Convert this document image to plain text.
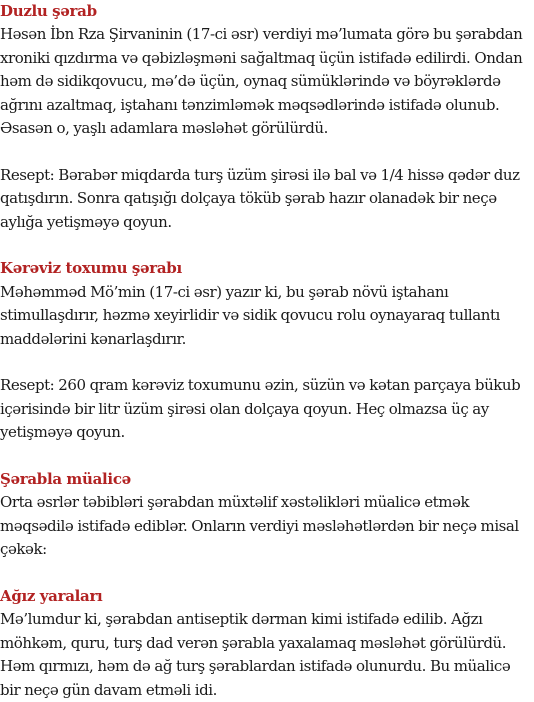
Duzlu şərab

Həsən İbn Rza Şirvaninin (17-ci əsr) verdiyi mə’lumata görə bu şərabdan
xroniki qızdırma və qəbizləşməni sağaltmaq üçün istifadə edilirdi. Ondan
həm də sidikqovucu, mə’də üçün, oynaq sümüklərində və böyrəklərdə
ağrını azaltmaq, iştahanı tənzimləmək məqsədlərində istifadə olunub.
Əsasən o, yaşlı adamlara məsləhət görülürdü.

Resept: Bərabər miqdarda turş üzüm şirəsi ilə bal və 1/4 hissə qədər duz
qatışdırın. Sonra qatışığı dolçaya töküb şərab hazır olanadək bir neçə
aylığa yetişməyə qoyun.

Kərəviz toxumu şərabı

Məhəmməd Mö’min (17-ci əsr) yazır ki, bu şərab növü iştahanı
stimullaşdırır, həzmə xeyirlidir və sidik qovucu rolu oynayaraq tullantı
maddələrini kənarlaşdırır.

Resept: 260 qram kərəviz toxumunu əzin, süzün və kətan parçaya bükub
içərisində bir litr üzüm şirəsi olan dolçaya qoyun. Heç olmazsa üç ay
yetişməyə qoyun.

Şərabla müalicə

Orta əsrlər təbibləri şərabdan müxtəlif xəstəlikləri müalicə etmək
məqsədilə istifadə ediblər. Onların verdiyi məsləhətlərdən bir neçə misal
çəkək:

Ağız yaraları

Mə’lumdur ki, şərabdan antiseptik dərman kimi istifadə edilib. Ağzı
möhkəm, quru, turş dad verən şərabla yaxalamaq məsləhət görülürdü.
Həm qırmızı, həm də ağ turş şərablardan istifadə olunurdu. Bu müalicə
bir neçə gün davam etməli idi.
